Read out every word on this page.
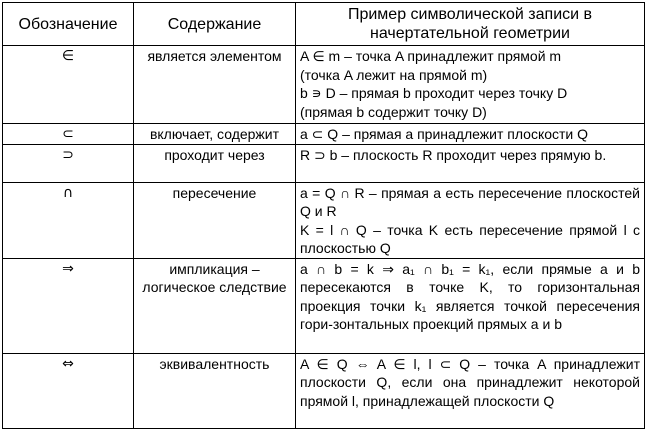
Обозначение	Содержание	Пример символической записи в
начертательной геометрии

∈	является элементом	A ∈ m – точка A принадлежит прямой m
(точка A лежит на прямой m)
b ∍ D – прямая b проходит через точку D
(прямая b содержит точку D)

⊂	включает, содержит	a ⊂ Q – прямая a принадлежит плоскости Q

⊃	проходит через	R ⊃ b – плоскость R проходит через прямую b.

∩	пересечение	a = Q ∩ R – прямая a есть пересечение плоскостей Q и R
K = l ∩ Q – точка K есть пересечение прямой l с плоскостью Q

⇒	импликация – логическое следствие	a ∩ b = k ⇒ a₁ ∩ b₁ = k₁, если прямые a и b пересекаются в точке K, то горизонтальная проекция точки k₁ является точкой пересечения гори-зонтальных проекций прямых a и b

⇔	эквивалентность	A ∈ Q ⇔ A ∈ l, l ⊂ Q – точка A принадлежит плоскости Q, если она принадлежит некоторой прямой l, принадлежащей плоскости Q
